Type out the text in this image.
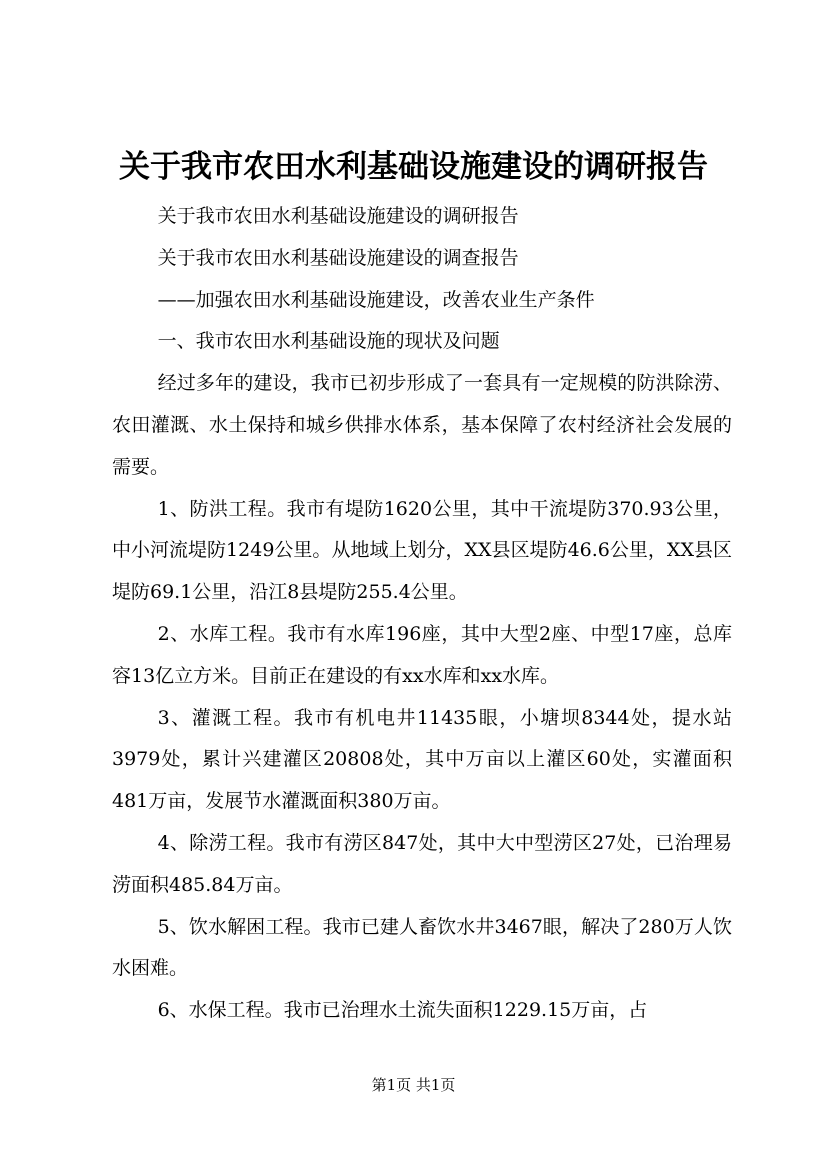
关于我市农田水利基础设施建设的调研报告

关于我市农田水利基础设施建设的调研报告

关于我市农田水利基础设施建设的调查报告

——加强农田水利基础设施建设，改善农业生产条件

一、我市农田水利基础设施的现状及问题

经过多年的建设，我市已初步形成了一套具有一定规模的防洪除涝、农田灌溉、水土保持和城乡供排水体系，基本保障了农村经济社会发展的需要。

1、防洪工程。我市有堤防1620公里，其中干流堤防370.93公里，中小河流堤防1249公里。从地域上划分，XX县区堤防46.6公里，XX县区堤防69.1公里，沿江8县堤防255.4公里。

2、水库工程。我市有水库196座，其中大型2座、中型17座，总库容13亿立方米。目前正在建设的有xx水库和xx水库。

3、灌溉工程。我市有机电井11435眼，小塘坝8344处，提水站3979处，累计兴建灌区20808处，其中万亩以上灌区60处，实灌面积481万亩，发展节水灌溉面积380万亩。

4、除涝工程。我市有涝区847处，其中大中型涝区27处，已治理易涝面积485.84万亩。

5、饮水解困工程。我市已建人畜饮水井3467眼，解决了280万人饮水困难。

6、水保工程。我市已治理水土流失面积1229.15万亩，占

第1页 共1页
